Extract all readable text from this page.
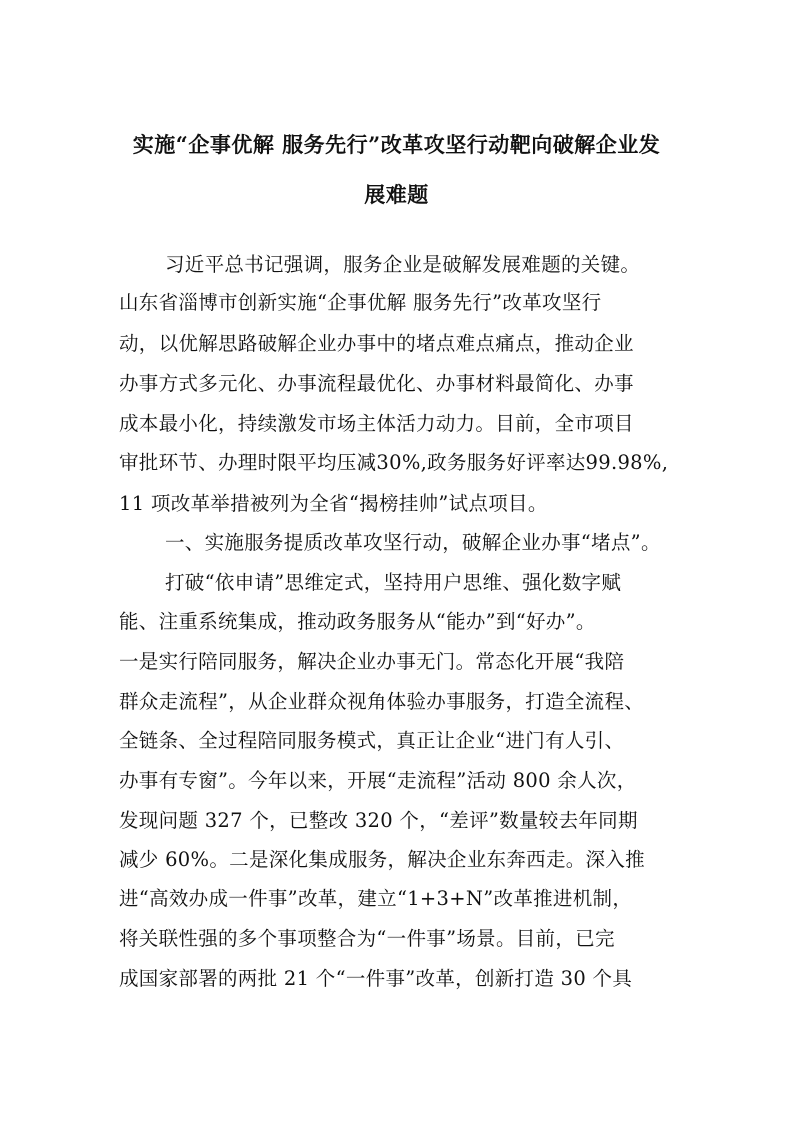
实施“企事优解 服务先行”改革攻坚行动靶向破解企业发
展难题
习近平总书记强调，服务企业是破解发展难题的关键。
山东省淄博市创新实施“企事优解 服务先行”改革攻坚行
动，以优解思路破解企业办事中的堵点难点痛点，推动企业
办事方式多元化、办事流程最优化、办事材料最简化、办事
成本最小化，持续激发市场主体活力动力。目前，全市项目
审批环节、办理时限平均压减30%,政务服务好评率达99.98%,
11 项改革举措被列为全省“揭榜挂帅”试点项目。
一、实施服务提质改革攻坚行动，破解企业办事“堵点”。
打破“依申请”思维定式，坚持用户思维、强化数字赋
能、注重系统集成，推动政务服务从“能办”到“好办”。
一是实行陪同服务，解决企业办事无门。常态化开展“我陪
群众走流程”，从企业群众视角体验办事服务，打造全流程、
全链条、全过程陪同服务模式，真正让企业“进门有人引、
办事有专窗”。今年以来，开展“走流程”活动 800 余人次，
发现问题 327 个，已整改 320 个，“差评”数量较去年同期
减少 60%。二是深化集成服务，解决企业东奔西走。深入推
进“高效办成一件事”改革，建立“1+3+N”改革推进机制，
将关联性强的多个事项整合为“一件事”场景。目前，已完
成国家部署的两批 21 个“一件事”改革，创新打造 30 个具
